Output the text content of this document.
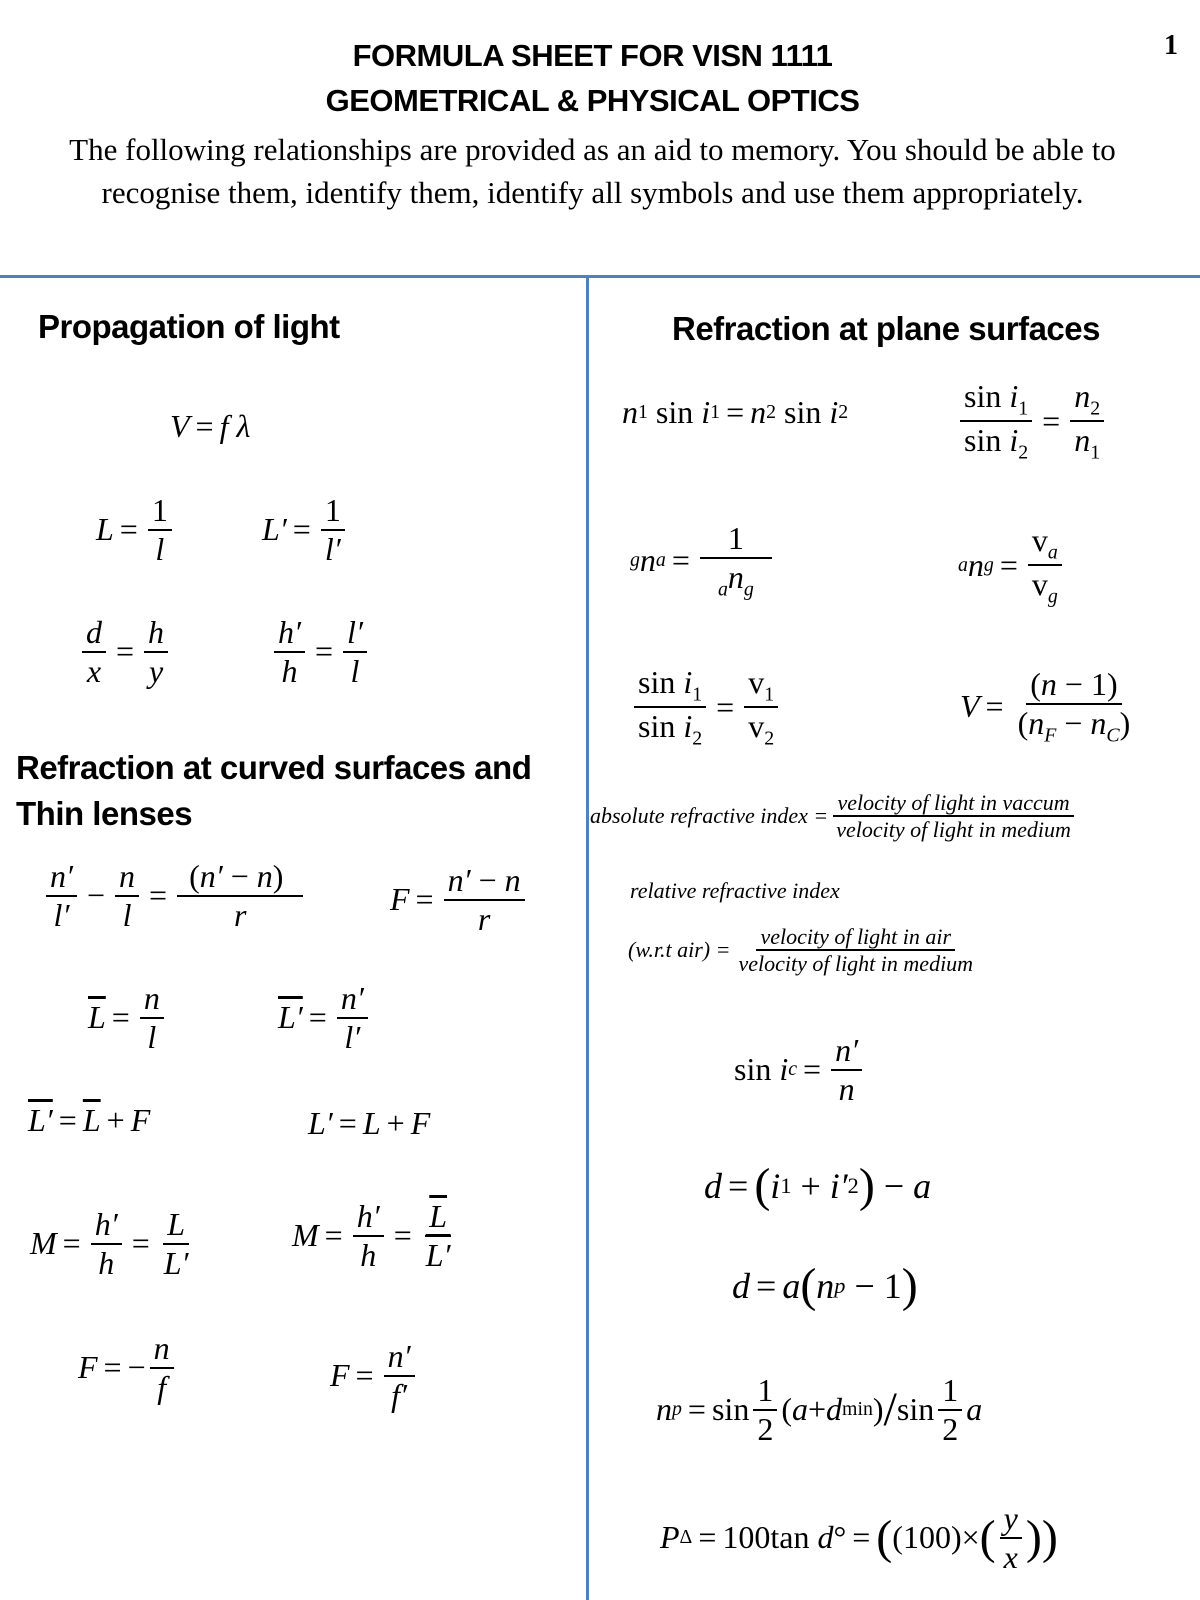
1
FORMULA SHEET FOR VISN 1111
GEOMETRICAL & PHYSICAL OPTICS
The following relationships are provided as an aid to memory. You should be able to recognise them, identify them, identify all symbols and use them appropriately.
Propagation of light
V = f
λ
$L = \frac{1}{l}$	$L' = \frac{1}{l'}$
$\frac{d}{x} = \frac{h}{y}$	$\frac{h'}{h} = \frac{l'}{l}$
Refraction at curved surfaces and Thin lenses
$\frac{n'}{l'} - \frac{n}{l} = \frac{(n' - n)}{r}$	$F = \frac{n' - n}{r}$
$\overline{L} = \frac{n}{l}$	$L' = \frac{n'}{l'}$
$L' = \overline{L} + F$	L′ = L + F
$M = \frac{h'}{h} = \frac{L}{L'}$	$M = \frac{h'}{h} = \frac{\overline{L}}{L'}$
F = − $\frac{n}{f}$	$F = \frac{n'}{f'}$
Refraction at plane surfaces
n 1 sin i 1 = n 2 sin i 2	$\frac{\sin i_1}{\sin i_2} = \frac{n_2}{n_1}$
g n $a = \frac{1}{_an_g}$	a n $g = \frac{v_a}{v_g}$
$\frac{\sin i_1}{\sin i_2} = \frac{v_1}{v_2}$	$V = \frac{(n - 1)}{(n_F - n_C)}$
absolute refractive index = $\frac{\text{velocity of light in vaccum}}{\text{velocity of light in medium}}$
relative refractive index
(w.r.t $air) = \frac{\text{velocity of light in air}}{\text{velocity of light in medium}}$
sin i $c = \frac{n'}{n}$
d = ( i 1 + i′ 2 ) − a
d = a ( n p − 1 )
n $p = \sin \frac{1}{2}$ ( a + d min ) / $\sin \frac{1}{2}$ a
P Δ = 100tan d ° = ( (100)× ( $\frac{y}{x}$ ) )
